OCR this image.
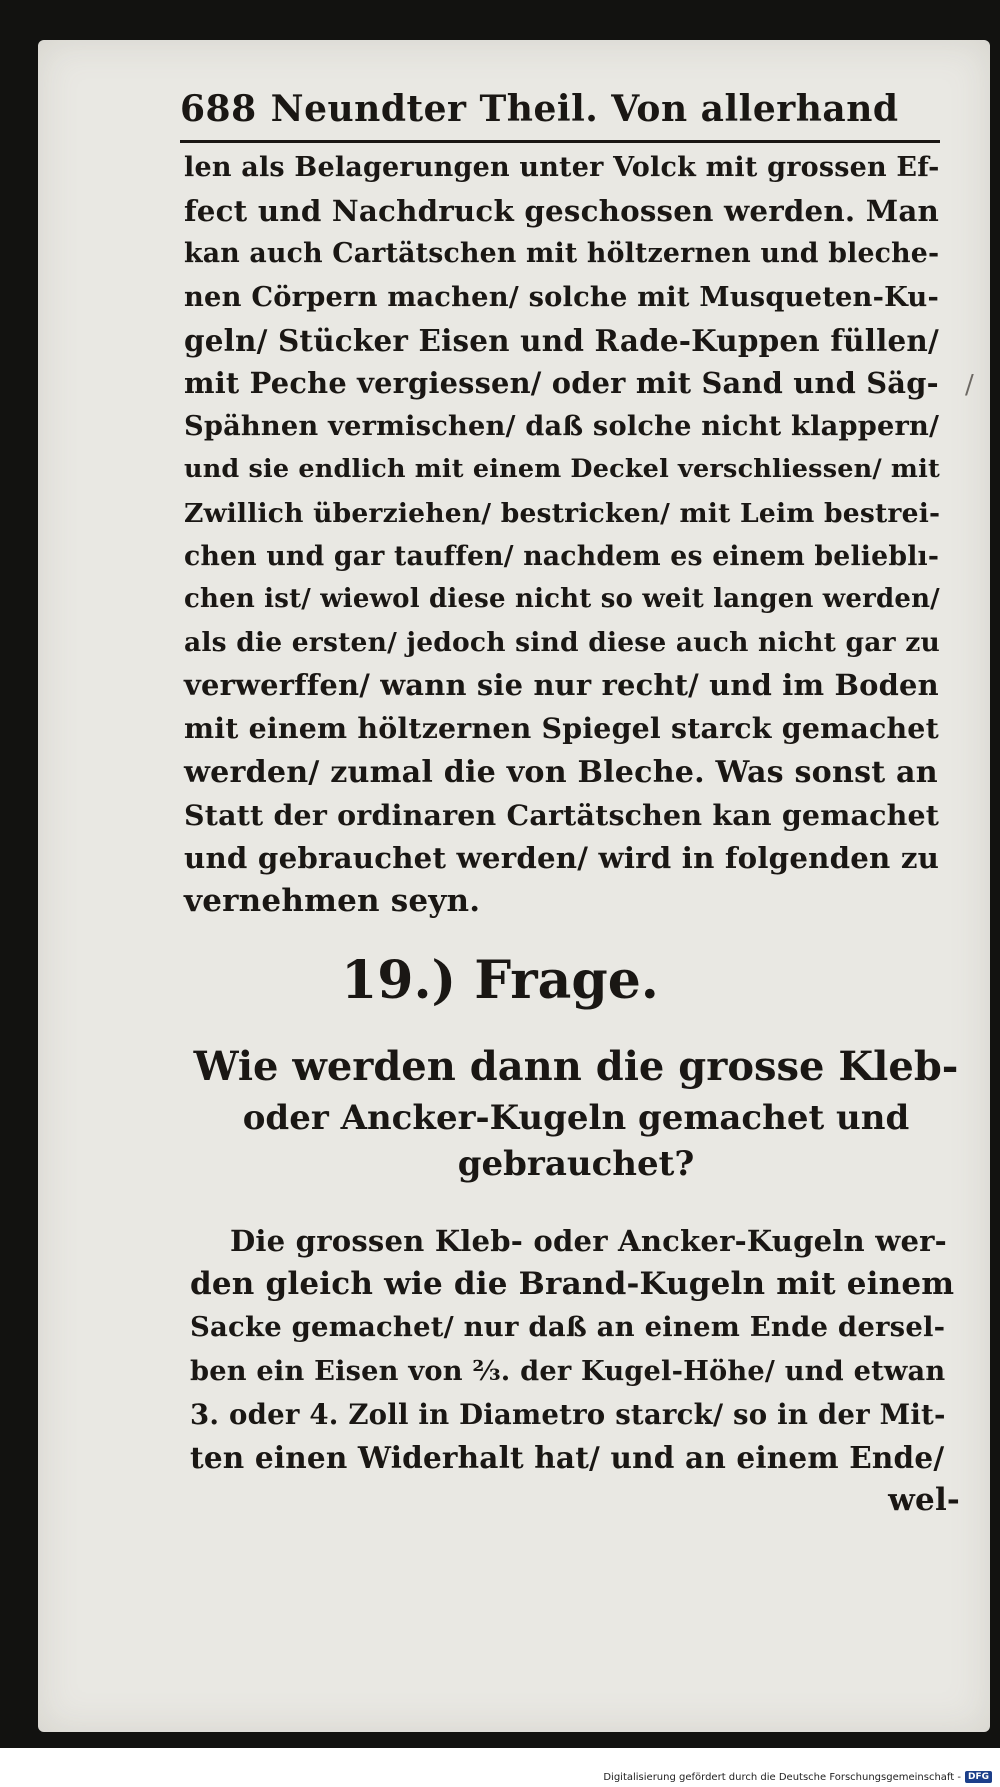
688 Neundter Theil. Von allerhand
/
len als Belagerungen unter Volck mit grossen Ef-
fect und Nachdruck geschossen werden. Man
kan auch Cartätschen mit höltzernen und bleche-
nen Cörpern machen/ solche mit Musqueten-Ku-
geln/ Stücker Eisen und Rade-Kuppen füllen/
mit Peche vergiessen/ oder mit Sand und Säg-
Spähnen vermischen/ daß solche nicht klappern/
und sie endlich mit einem Deckel verschliessen/ mit
Zwillich überziehen/ bestricken/ mit Leim bestrei-
chen und gar tauffen/ nachdem es einem belieblı-
chen ist/ wiewol diese nicht so weit langen werden/
als die ersten/ jedoch sind diese auch nicht gar zu
verwerffen/ wann sie nur recht/ und im Boden
mit einem höltzernen Spiegel starck gemachet
werden/ zumal die von Bleche. Was sonst an
Statt der ordinaren Cartätschen kan gemachet
und gebrauchet werden/ wird in folgenden zu
vernehmen seyn.
19.) Frage.
Wie werden dann die grosse Kleb-
oder Ancker-Kugeln gemachet und
gebrauchet?
Die grossen Kleb- oder Ancker-Kugeln wer-
den gleich wie die Brand-Kugeln mit einem
Sacke gemachet/ nur daß an einem Ende dersel-
ben ein Eisen von ⅔. der Kugel-Höhe/ und etwan
3. oder 4. Zoll in Diametro starck/ so in der Mit-
ten einen Widerhalt hat/ und an einem Ende/
wel-
Digitalisierung gefördert durch die Deutsche Forschungsgemeinschaft - DFG
